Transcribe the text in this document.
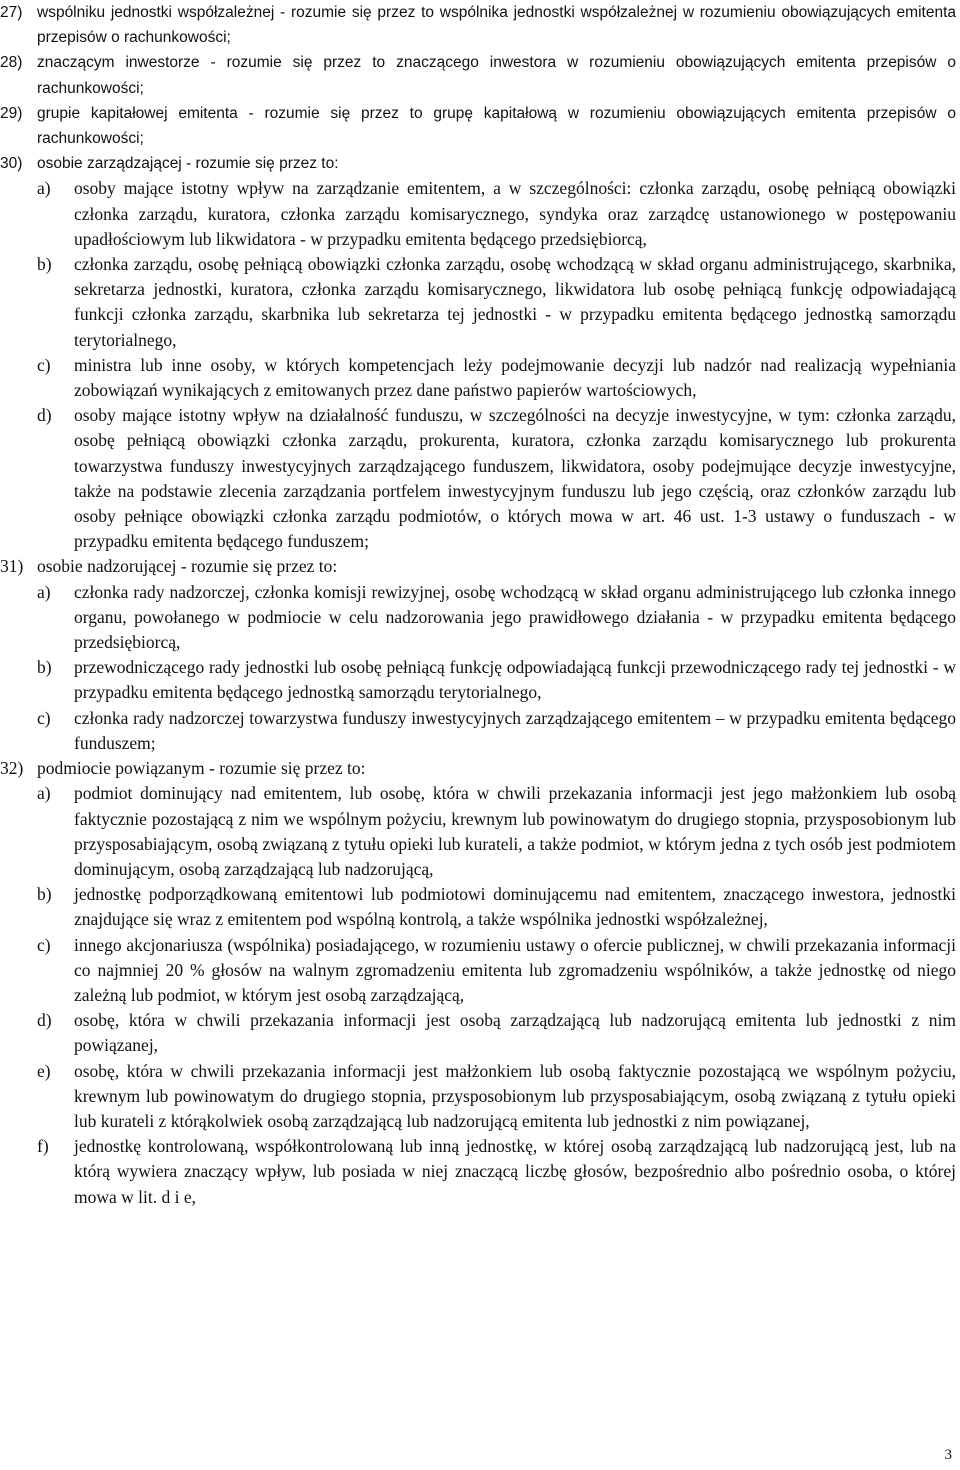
27) wspólniku jednostki współzależnej - rozumie się przez to wspólnika jednostki współzależnej w rozumieniu obowiązujących emitenta przepisów o rachunkowości;
28) znaczącym inwestorze - rozumie się przez to znaczącego inwestora w rozumieniu obowiązujących emitenta przepisów o rachunkowości;
29) grupie kapitałowej emitenta - rozumie się przez to grupę kapitałową w rozumieniu obowiązujących emitenta przepisów o rachunkowości;
30) osobie zarządzającej - rozumie się przez to:
a)	osoby mające istotny wpływ na zarządzanie emitentem, a w szczególności: członka zarządu, osobę pełniącą obowiązki członka zarządu, kuratora, członka zarządu komisarycznego, syndyka oraz zarządcę ustanowionego w postępowaniu upadłościowym lub likwidatora - w przypadku emitenta będącego przedsiębiorcą,
b)	członka zarządu, osobę pełniącą obowiązki członka zarządu, osobę wchodzącą w skład organu administrującego, skarbnika, sekretarza jednostki, kuratora, członka zarządu komisarycznego, likwidatora lub osobę pełniącą funkcję odpowiadającą funkcji członka zarządu, skarbnika lub sekretarza tej jednostki - w przypadku emitenta będącego jednostką samorządu terytorialnego,
c)	ministra lub inne osoby, w których kompetencjach leży podejmowanie decyzji lub nadzór nad realizacją wypełniania zobowiązań wynikających z emitowanych przez dane państwo papierów wartościowych,
d)	osoby mające istotny wpływ na działalność funduszu, w szczególności na decyzje inwestycyjne, w tym: członka zarządu, osobę pełniącą obowiązki członka zarządu, prokurenta, kuratora, członka zarządu komisarycznego lub prokurenta towarzystwa funduszy inwestycyjnych zarządzającego funduszem, likwidatora, osoby podejmujące decyzje inwestycyjne, także na podstawie zlecenia zarządzania portfelem inwestycyjnym funduszu lub jego częścią, oraz członków zarządu lub osoby pełniące obowiązki członka zarządu podmiotów, o których mowa w art. 46 ust. 1-3 ustawy o funduszach - w przypadku emitenta będącego funduszem;
31) osobie nadzorującej - rozumie się przez to:
a)	członka rady nadzorczej, członka komisji rewizyjnej, osobę wchodzącą w skład organu administrującego lub członka innego organu, powołanego w podmiocie w celu nadzorowania jego prawidłowego działania - w przypadku emitenta będącego przedsiębiorcą,
b)	przewodniczącego rady jednostki lub osobę pełniącą funkcję odpowiadającą funkcji przewodniczącego rady tej jednostki - w przypadku emitenta będącego jednostką samorządu terytorialnego,
c)	członka rady nadzorczej towarzystwa funduszy inwestycyjnych zarządzającego emitentem – w przypadku emitenta będącego funduszem;
32) podmiocie powiązanym - rozumie się przez to:
a)	podmiot dominujący nad emitentem, lub osobę, która w chwili przekazania informacji jest jego małżonkiem lub osobą faktycznie pozostającą z nim we wspólnym pożyciu, krewnym lub powinowatym do drugiego stopnia, przysposobionym lub przysposabiającym, osobą związaną z tytułu opieki lub kurateli, a także podmiot, w którym jedna z tych osób jest podmiotem dominującym, osobą zarządzającą lub nadzorującą,
b)	jednostkę podporządkowaną emitentowi lub podmiotowi dominującemu nad emitentem, znaczącego inwestora, jednostki znajdujące się wraz z emitentem pod wspólną kontrolą, a także wspólnika jednostki współzależnej,
c)	innego akcjonariusza (wspólnika) posiadającego, w rozumieniu ustawy o ofercie publicznej, w chwili przekazania informacji co najmniej 20 % głosów na walnym zgromadzeniu emitenta lub zgromadzeniu wspólników, a także jednostkę od niego zależną lub podmiot, w którym jest osobą zarządzającą,
d)	osobę, która w chwili przekazania informacji jest osobą zarządzającą lub nadzorującą emitenta lub jednostki z nim powiązanej,
e)	osobę, która w chwili przekazania informacji jest małżonkiem lub osobą faktycznie pozostającą we wspólnym pożyciu, krewnym lub powinowatym do drugiego stopnia, przysposobionym lub przysposabiającym, osobą związaną z tytułu opieki lub kurateli z którąkolwiek osobą zarządzającą lub nadzorującą emitenta lub jednostki z nim powiązanej,
f)	jednostkę kontrolowaną, współkontrolowaną lub inną jednostkę, w której osobą zarządzającą lub nadzorującą jest, lub na którą wywiera znaczący wpływ, lub posiada w niej znaczącą liczbę głosów, bezpośrednio albo pośrednio osoba, o której mowa w lit. d i e,
3
